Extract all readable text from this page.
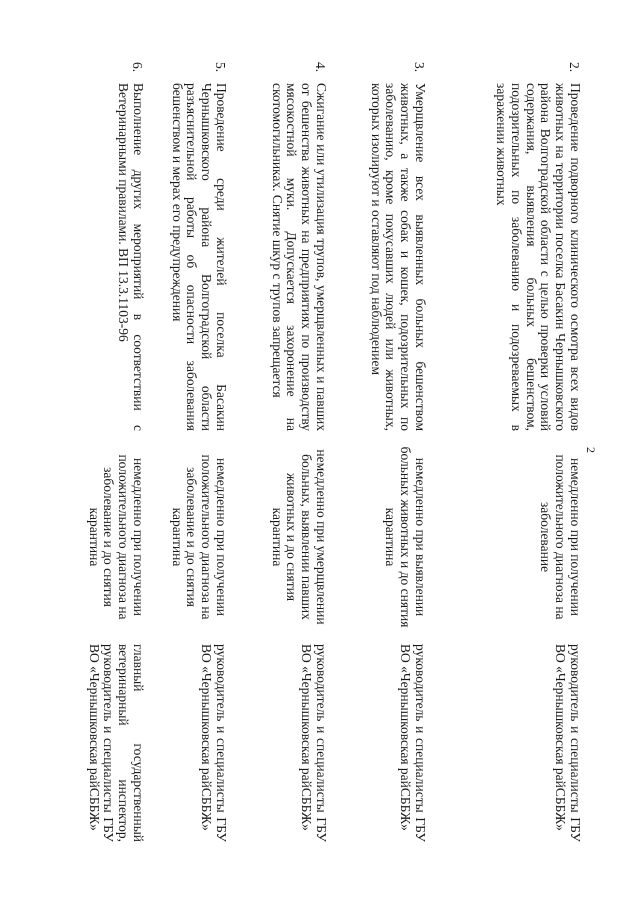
2
2.
Проведение подворного клинического осмотра всех видов животных на территории поселка Басакин Чернышковского района Волгоградской области с целью проверки условий содержания, выявления больных бешенством, подозрительных по заболеванию и подозреваемых в заражении животных
немедленно при получении положительного диагноза на заболевание
руководитель и специалисты ГБУ ВО «Чернышковская райСББЖ»
3.
Умерщвление всех выявленных больных бешенством животных, а также собак и кошек, подозрительных по заболеванию, кроме покусавших людей или животных, которых изолируют и оставляют под наблюдением
немедленно при выявлении больных животных и до снятия карантина
руководитель и специалисты ГБУ ВО «Чернышковская райСББЖ»
4.
Сжигание или утилизация трупов, умерщвленных и павших от бешенства животных на предприятиях по производству мясокостной муки. Допускается захоронение на скотомогильниках. Снятие шкур с трупов запрещается
немедленно при умерщвлении больных, выявлении павших животных и до снятия карантина
руководитель и специалисты ГБУ ВО «Чернышковская райСББЖ»
5.
Проведение среди жителей поселка Басакин Чернышковского района Волгоградской области разъяснительной работы об опасности заболевания бешенством и мерах его предупреждения
немедленно при получении положительного диагноза на заболевание и до снятия карантина
руководитель и специалисты ГБУ ВО «Чернышковская райСББЖ»
6.
Выполнение других мероприятий в соответствии с Ветеринарными правилами. ВП 13.3.1103-96
немедленно при получении положительного диагноза на заболевание и до снятия карантина
главный государственный ветеринарный инспектор, руководитель и специалисты ГБУ ВО «Чернышковская райСББЖ»
